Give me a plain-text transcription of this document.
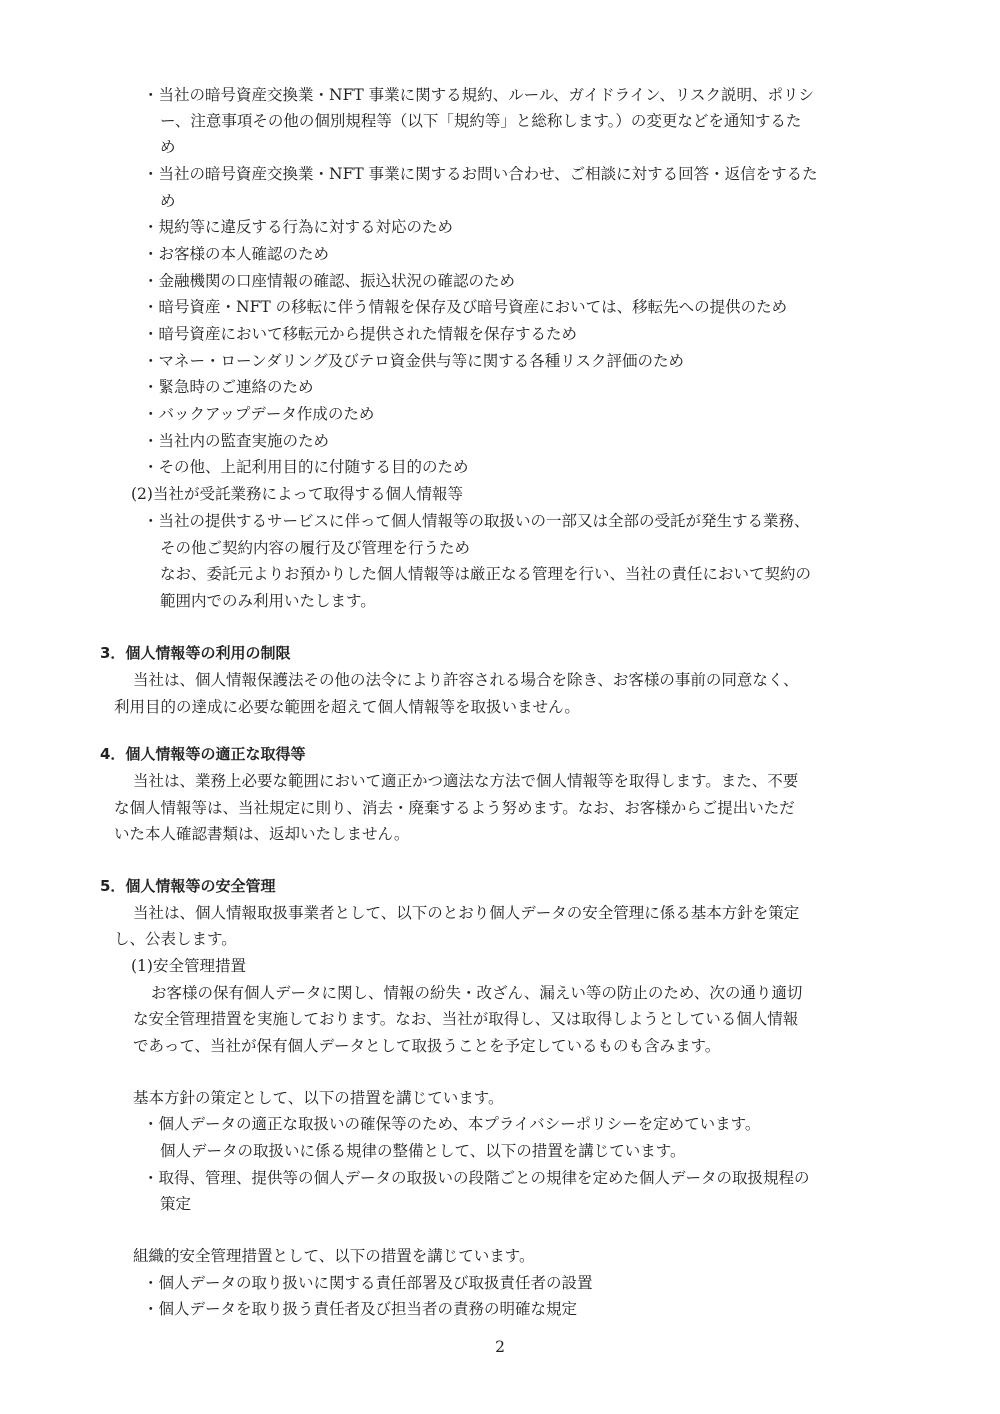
・当社の暗号資産交換業・NFT 事業に関する規約、ルール、ガイドライン、リスク説明、ポリシ
ー、注意事項その他の個別規程等（以下「規約等」と総称します。）の変更などを通知するた
め
・当社の暗号資産交換業・NFT 事業に関するお問い合わせ、ご相談に対する回答・返信をするた
め
・規約等に違反する行為に対する対応のため
・お客様の本人確認のため
・金融機関の口座情報の確認、振込状況の確認のため
・暗号資産・NFT の移転に伴う情報を保存及び暗号資産においては、移転先への提供のため
・暗号資産において移転元から提供された情報を保存するため
・マネー・ローンダリング及びテロ資金供与等に関する各種リスク評価のため
・緊急時のご連絡のため
・バックアップデータ作成のため
・当社内の監査実施のため
・その他、上記利用目的に付随する目的のため
(2)当社が受託業務によって取得する個人情報等
・当社の提供するサービスに伴って個人情報等の取扱いの一部又は全部の受託が発生する業務、
その他ご契約内容の履行及び管理を行うため
なお、委託元よりお預かりした個人情報等は厳正なる管理を行い、当社の責任において契約の
範囲内でのみ利用いたします。
3．個人情報等の利用の制限
当社は、個人情報保護法その他の法令により許容される場合を除き、お客様の事前の同意なく、
利用目的の達成に必要な範囲を超えて個人情報等を取扱いません。
4．個人情報等の適正な取得等
当社は、業務上必要な範囲において適正かつ適法な方法で個人情報等を取得します。また、不要
な個人情報等は、当社規定に則り、消去・廃棄するよう努めます。なお、お客様からご提出いただ
いた本人確認書類は、返却いたしません。
5．個人情報等の安全管理
当社は、個人情報取扱事業者として、以下のとおり個人データの安全管理に係る基本方針を策定
し、公表します。
(1)安全管理措置
お客様の保有個人データに関し、情報の紛失・改ざん、漏えい等の防止のため、次の通り適切
な安全管理措置を実施しております。なお、当社が取得し、又は取得しようとしている個人情報
であって、当社が保有個人データとして取扱うことを予定しているものも含みます。
基本方針の策定として、以下の措置を講じています。
・個人データの適正な取扱いの確保等のため、本プライバシーポリシーを定めています。
個人データの取扱いに係る規律の整備として、以下の措置を講じています。
・取得、管理、提供等の個人データの取扱いの段階ごとの規律を定めた個人データの取扱規程の
策定
組織的安全管理措置として、以下の措置を講じています。
・個人データの取り扱いに関する責任部署及び取扱責任者の設置
・個人データを取り扱う責任者及び担当者の責務の明確な規定
2
